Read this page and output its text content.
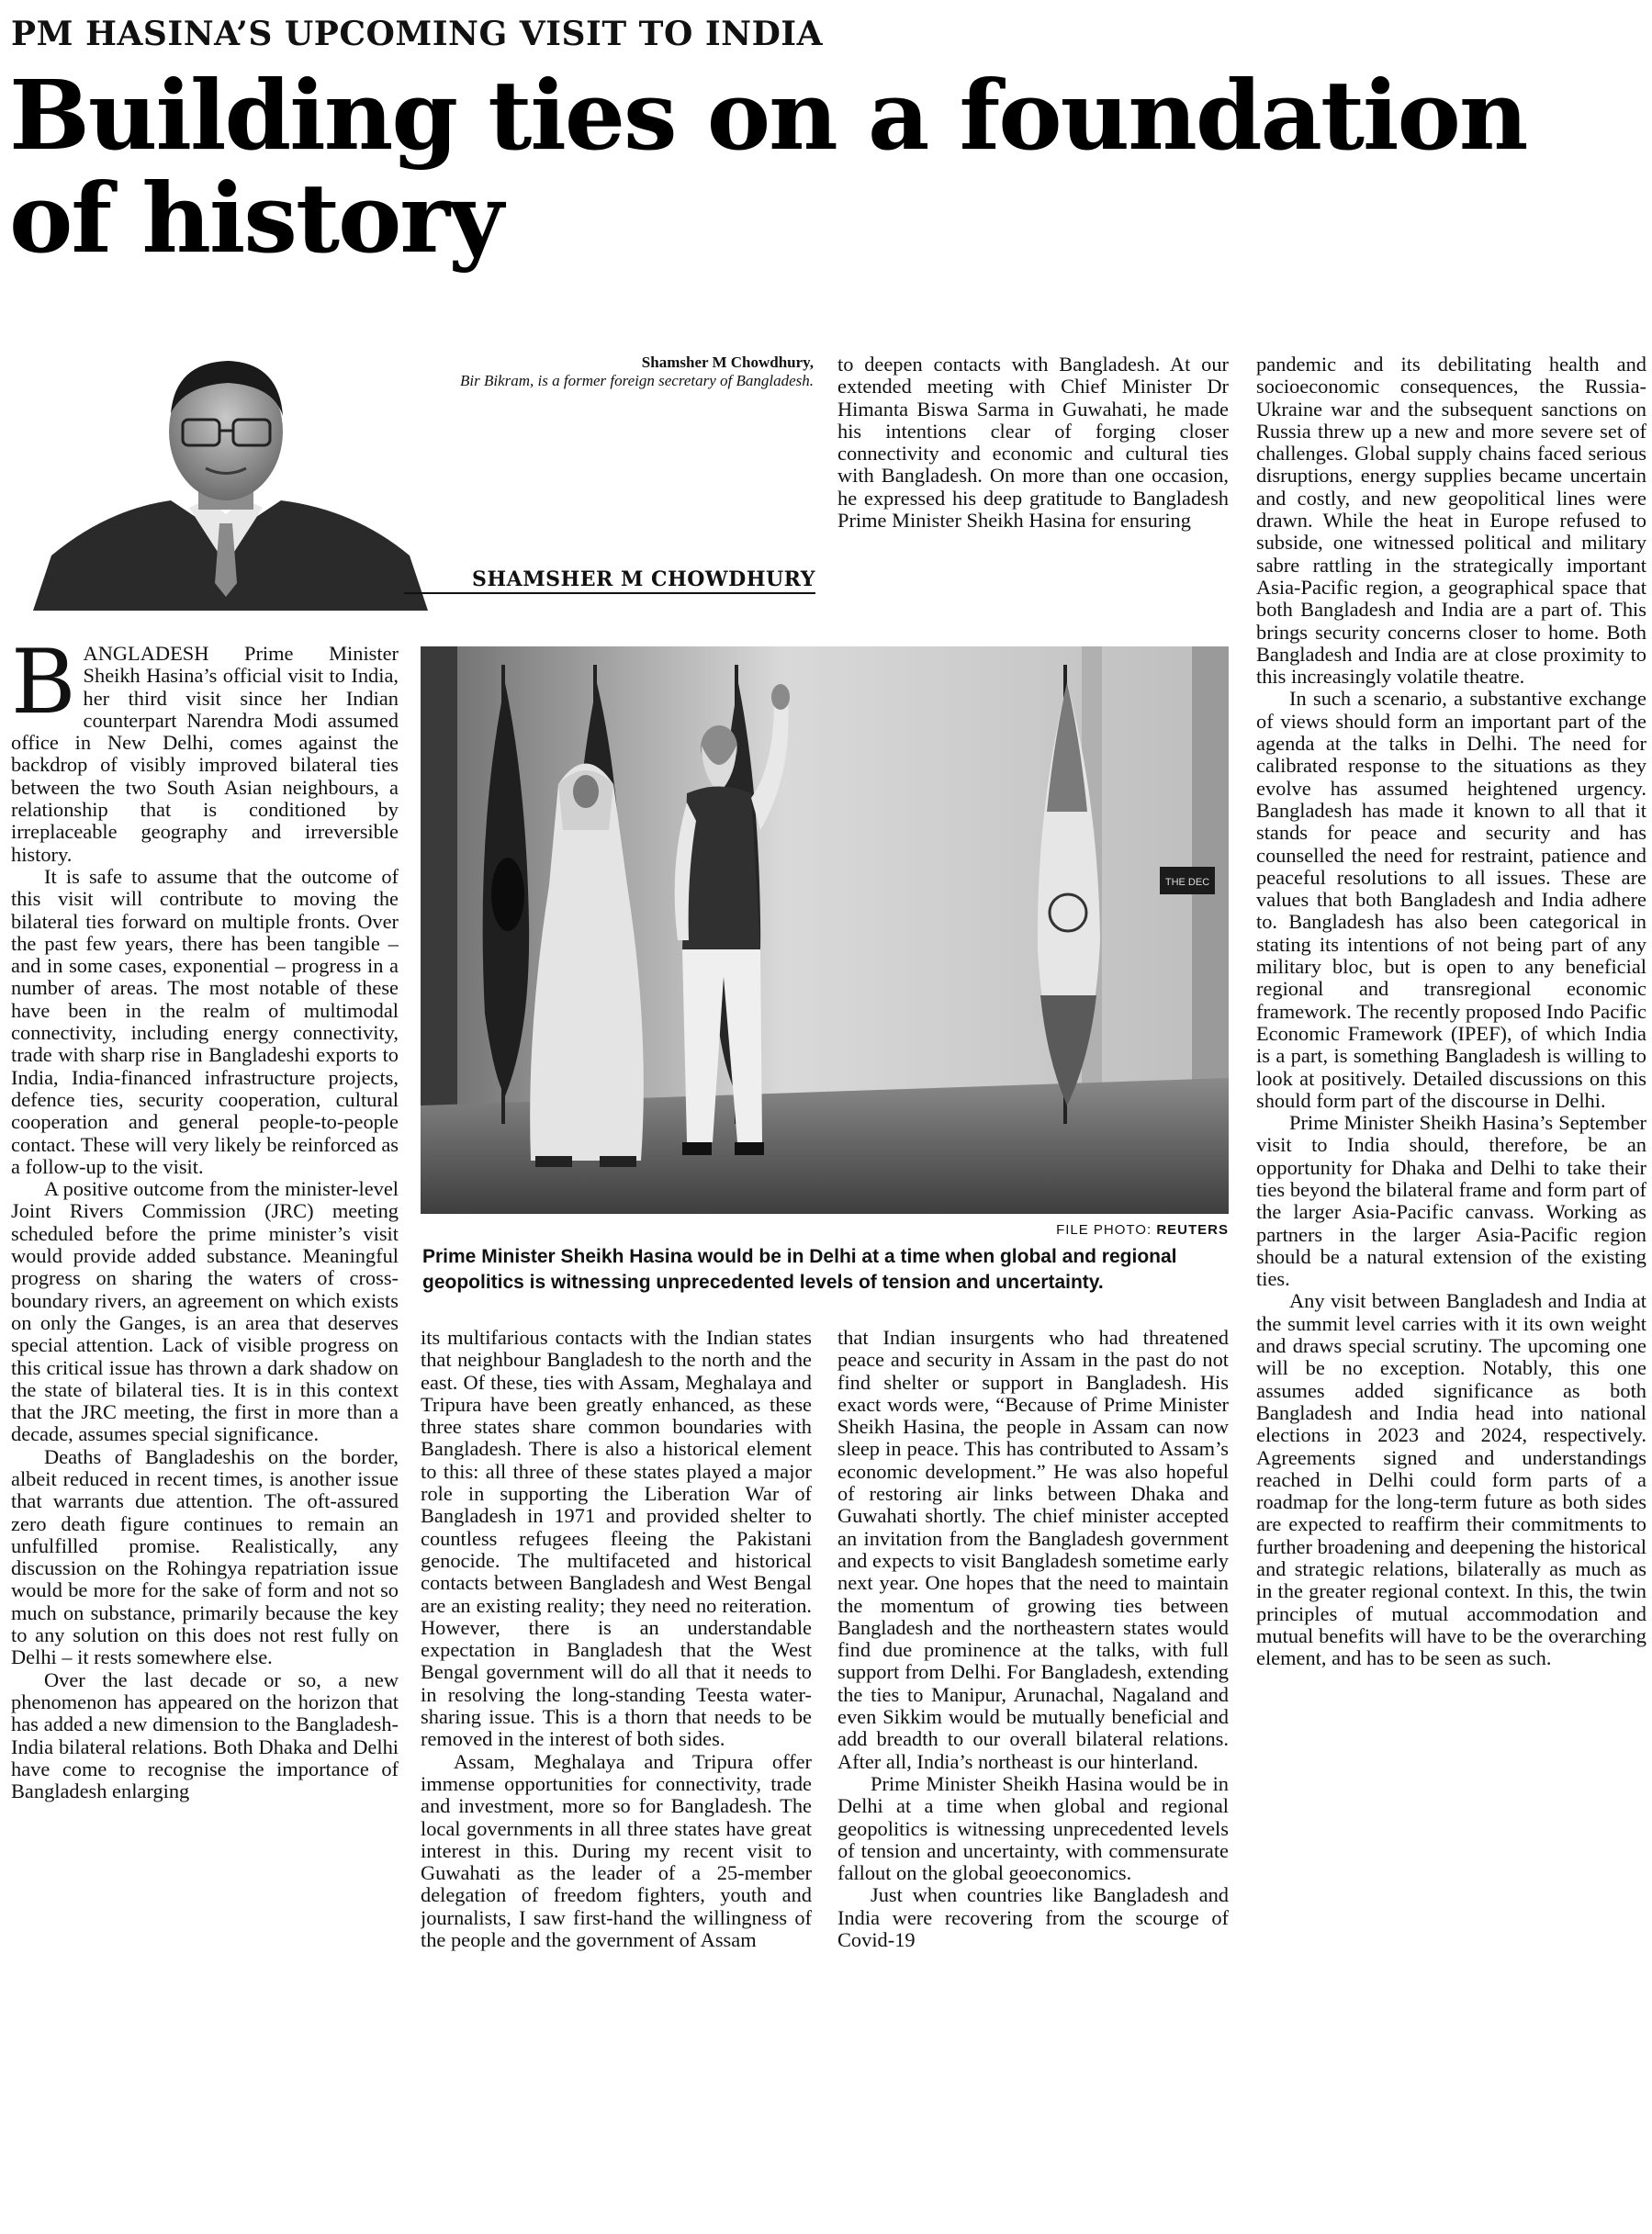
PM HASINA’S UPCOMING VISIT TO INDIA
Building ties on a foundation of history
Shamsher M Chowdhury,
Bir Bikram, is a former foreign secretary of Bangladesh.
SHAMSHER M CHOWDHURY

BANGLADESH Prime Minister Sheikh Hasina’s official visit to India, her third visit since her Indian counterpart Narendra Modi assumed office in New Delhi, comes against the backdrop of visibly improved bilateral ties between the two South Asian neighbours, a relationship that is conditioned by irreplaceable geography and irreversible history.

It is safe to assume that the outcome of this visit will contribute to moving the bilateral ties forward on multiple fronts. Over the past few years, there has been tangible – and in some cases, exponential – progress in a number of areas. The most notable of these have been in the realm of multimodal connectivity, including energy connectivity, trade with sharp rise in Bangladeshi exports to India, India-financed infrastructure projects, defence ties, security cooperation, cultural cooperation and general people-to-people contact. These will very likely be reinforced as a follow-up to the visit.

A positive outcome from the minister-level Joint Rivers Commission (JRC) meeting scheduled before the prime minister’s visit would provide added substance. Meaningful progress on sharing the waters of cross-boundary rivers, an agreement on which exists on only the Ganges, is an area that deserves special attention. Lack of visible progress on this critical issue has thrown a dark shadow on the state of bilateral ties. It is in this context that the JRC meeting, the first in more than a decade, assumes special significance.

Deaths of Bangladeshis on the border, albeit reduced in recent times, is another issue that warrants due attention. The oft-assured zero death figure continues to remain an unfulfilled promise. Realistically, any discussion on the Rohingya repatriation issue would be more for the sake of form and not so much on substance, primarily because the key to any solution on this does not rest fully on Delhi – it rests somewhere else.

Over the last decade or so, a new phenomenon has appeared on the horizon that has added a new dimension to the Bangladesh-India bilateral relations. Both Dhaka and Delhi have come to recognise the importance of Bangladesh enlarging

to deepen contacts with Bangladesh. At our extended meeting with Chief Minister Dr Himanta Biswa Sarma in Guwahati, he made his intentions clear of forging closer connectivity and economic and cultural ties with Bangladesh. On more than one occasion, he expressed his deep gratitude to Bangladesh Prime Minister Sheikh Hasina for ensuring

THE DEC
FILE PHOTO: REUTERS
Prime Minister Sheikh Hasina would be in Delhi at a time when global and regional geopolitics is witnessing unprecedented levels of tension and uncertainty.

its multifarious contacts with the Indian states that neighbour Bangladesh to the north and the east. Of these, ties with Assam, Meghalaya and Tripura have been greatly enhanced, as these three states share common boundaries with Bangladesh. There is also a historical element to this: all three of these states played a major role in supporting the Liberation War of Bangladesh in 1971 and provided shelter to countless refugees fleeing the Pakistani genocide. The multifaceted and historical contacts between Bangladesh and West Bengal are an existing reality; they need no reiteration. However, there is an understandable expectation in Bangladesh that the West Bengal government will do all that it needs to in resolving the long-standing Teesta water-sharing issue. This is a thorn that needs to be removed in the interest of both sides.

Assam, Meghalaya and Tripura offer immense opportunities for connectivity, trade and investment, more so for Bangladesh. The local governments in all three states have great interest in this. During my recent visit to Guwahati as the leader of a 25-member delegation of freedom fighters, youth and journalists, I saw first-hand the willingness of the people and the government of Assam

that Indian insurgents who had threatened peace and security in Assam in the past do not find shelter or support in Bangladesh. His exact words were, “Because of Prime Minister Sheikh Hasina, the people in Assam can now sleep in peace. This has contributed to Assam’s economic development.” He was also hopeful of restoring air links between Dhaka and Guwahati shortly. The chief minister accepted an invitation from the Bangladesh government and expects to visit Bangladesh sometime early next year. One hopes that the need to maintain the momentum of growing ties between Bangladesh and the northeastern states would find due prominence at the talks, with full support from Delhi. For Bangladesh, extending the ties to Manipur, Arunachal, Nagaland and even Sikkim would be mutually beneficial and add breadth to our overall bilateral relations. After all, India’s northeast is our hinterland.

Prime Minister Sheikh Hasina would be in Delhi at a time when global and regional geopolitics is witnessing unprecedented levels of tension and uncertainty, with commensurate fallout on the global geoeconomics.

Just when countries like Bangladesh and India were recovering from the scourge of Covid-19

pandemic and its debilitating health and socioeconomic consequences, the Russia-Ukraine war and the subsequent sanctions on Russia threw up a new and more severe set of challenges. Global supply chains faced serious disruptions, energy supplies became uncertain and costly, and new geopolitical lines were drawn. While the heat in Europe refused to subside, one witnessed political and military sabre rattling in the strategically important Asia-Pacific region, a geographical space that both Bangladesh and India are a part of. This brings security concerns closer to home. Both Bangladesh and India are at close proximity to this increasingly volatile theatre.

In such a scenario, a substantive exchange of views should form an important part of the agenda at the talks in Delhi. The need for calibrated response to the situations as they evolve has assumed heightened urgency. Bangladesh has made it known to all that it stands for peace and security and has counselled the need for restraint, patience and peaceful resolutions to all issues. These are values that both Bangladesh and India adhere to. Bangladesh has also been categorical in stating its intentions of not being part of any military bloc, but is open to any beneficial regional and transregional economic framework. The recently proposed Indo Pacific Economic Framework (IPEF), of which India is a part, is something Bangladesh is willing to look at positively. Detailed discussions on this should form part of the discourse in Delhi.

Prime Minister Sheikh Hasina’s September visit to India should, therefore, be an opportunity for Dhaka and Delhi to take their ties beyond the bilateral frame and form part of the larger Asia-Pacific canvass. Working as partners in the larger Asia-Pacific region should be a natural extension of the existing ties.

Any visit between Bangladesh and India at the summit level carries with it its own weight and draws special scrutiny. The upcoming one will be no exception. Notably, this one assumes added significance as both Bangladesh and India head into national elections in 2023 and 2024, respectively. Agreements signed and understandings reached in Delhi could form parts of a roadmap for the long-term future as both sides are expected to reaffirm their commitments to further broadening and deepening the historical and strategic relations, bilaterally as much as in the greater regional context. In this, the twin principles of mutual accommodation and mutual benefits will have to be the overarching element, and has to be seen as such.
